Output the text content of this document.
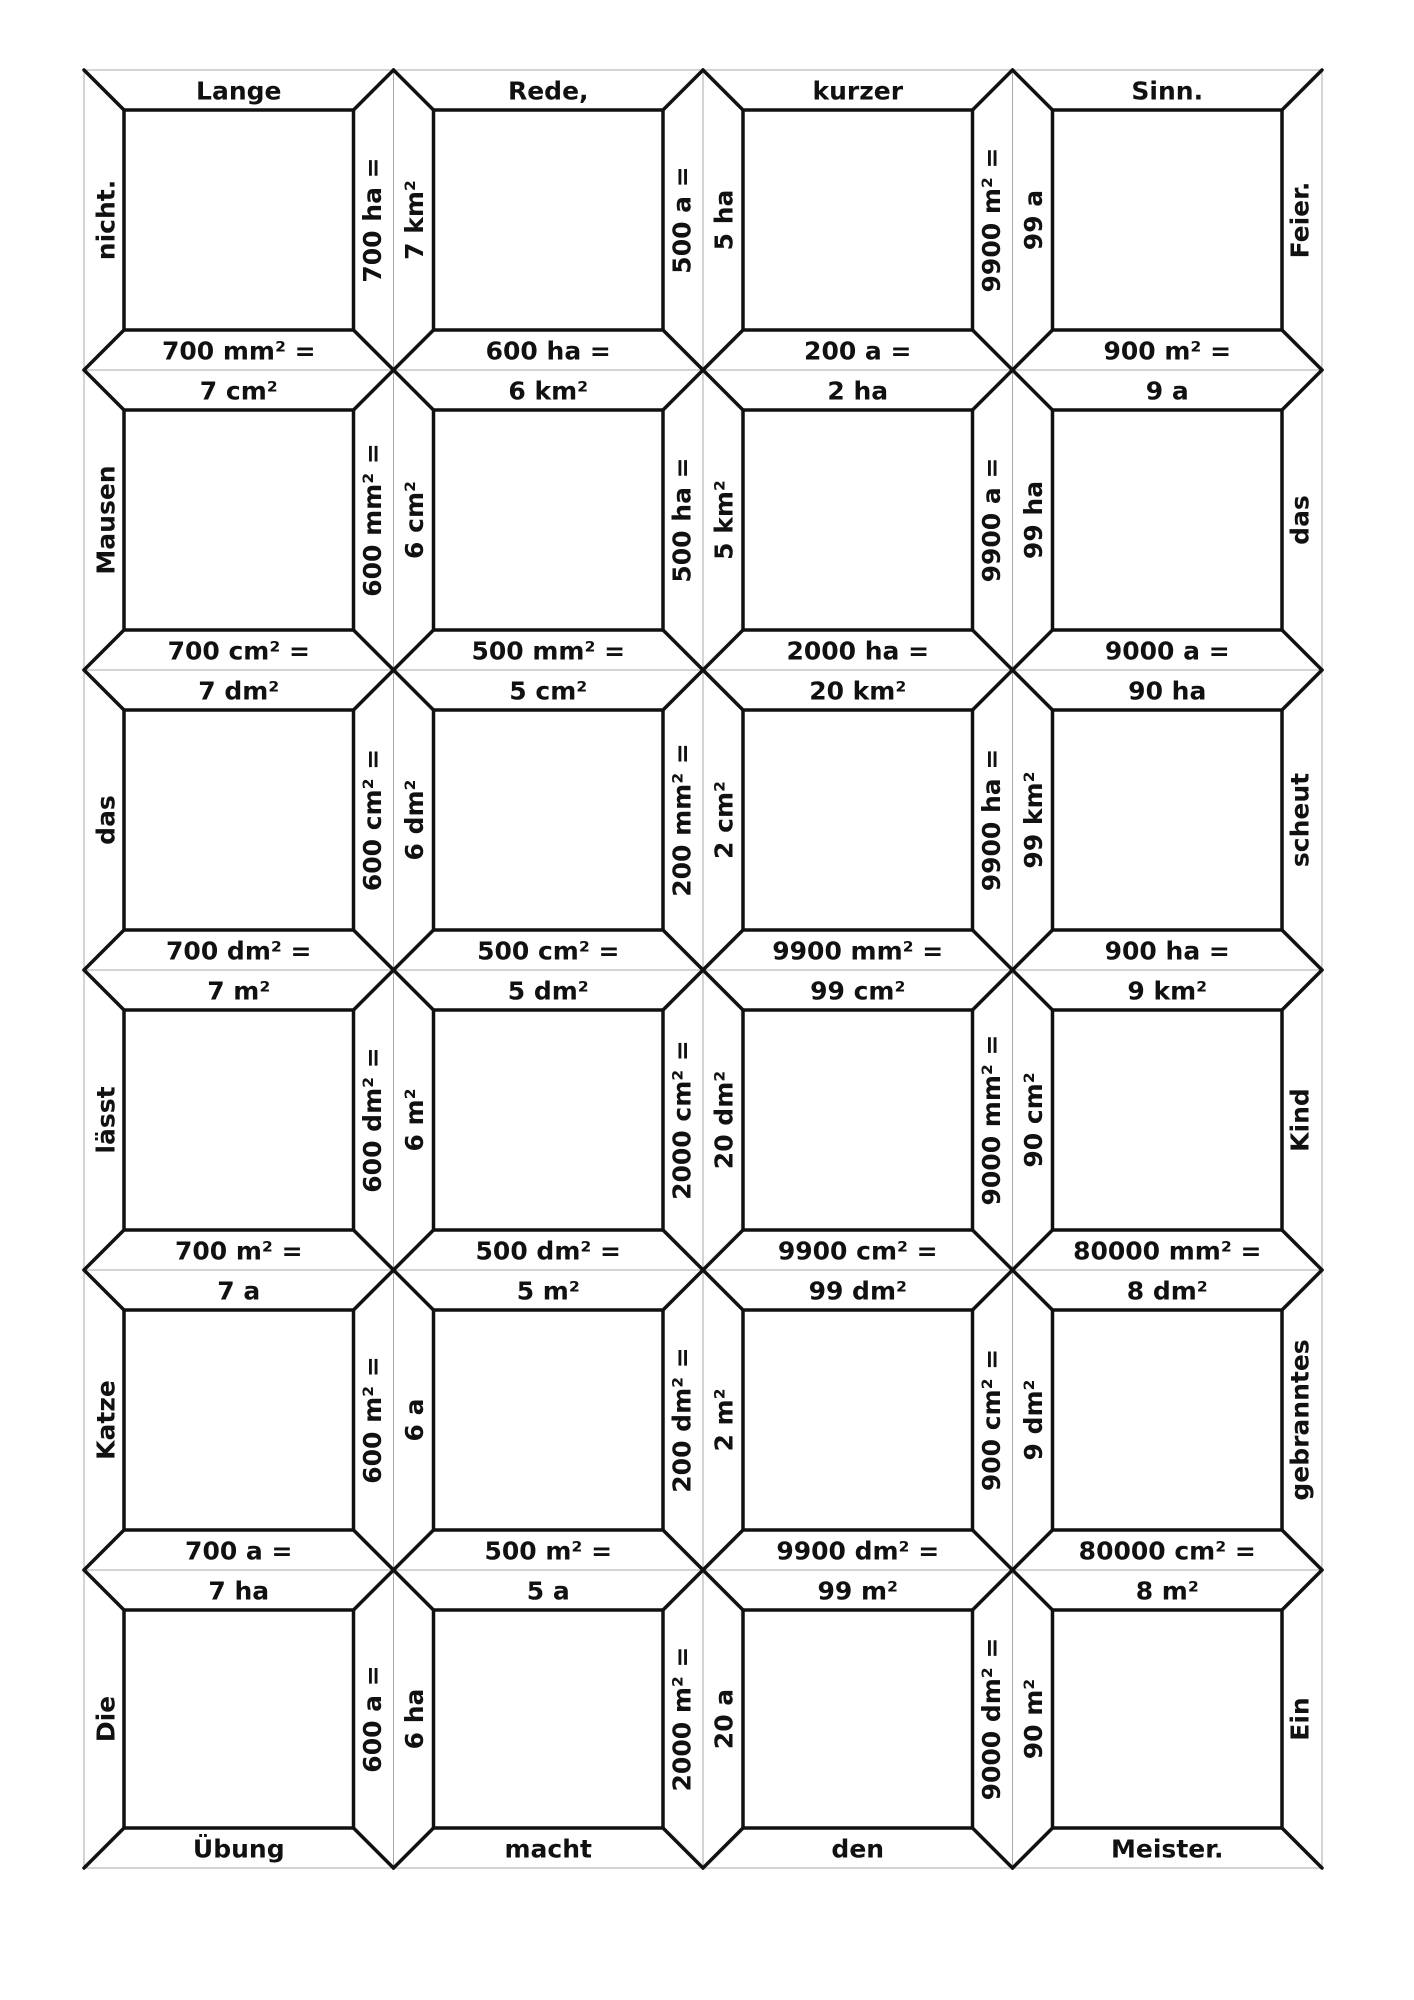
Lange
700 mm² =
Rede,
600 ha =
kurzer
200 a =
Sinn.
900 m² =
7 cm²
700 cm² =
6 km²
500 mm² =
2 ha
2000 ha =
9 a
9000 a =
7 dm²
700 dm² =
5 cm²
500 cm² =
20 km²
9900 mm² =
90 ha
900 ha =
7 m²
700 m² =
5 dm²
500 dm² =
99 cm²
9900 cm² =
9 km²
80000 mm² =
7 a
700 a =
5 m²
500 m² =
99 dm²
9900 dm² =
8 dm²
80000 cm² =
7 ha
Übung
5 a
macht
99 m²
den
8 m²
Meister.
nicht.	Feier.
Mausen	das
das	scheut
lässt	Kind
Katze	gebranntes
Die	Ein
700 ha = 7 km²	500 a = 5 ha	9900 m² = 99 a
600 mm² = 6 cm²	500 ha = 5 km²	9900 a = 99 ha
600 cm² = 6 dm²	200 mm² = 2 cm²	9900 ha = 99 km²
600 dm² = 6 m²	2000 cm² = 20 dm²	9000 mm² = 90 cm²
600 m² = 6 a	200 dm² = 2 m²	900 cm² = 9 dm²
600 a = 6 ha	2000 m² = 20 a	9000 dm² = 90 m²
